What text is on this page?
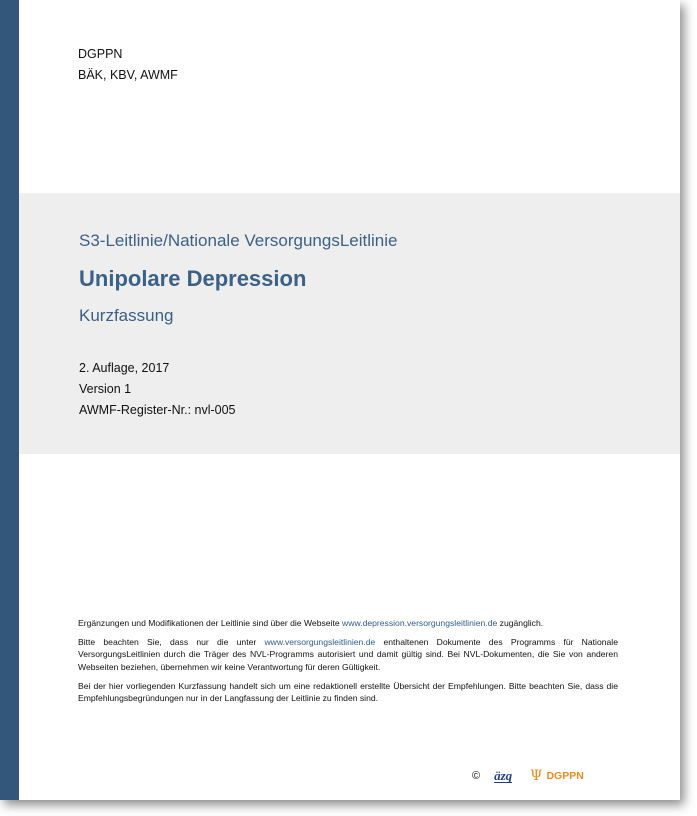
DGPPN
BÄK, KBV, AWMF
S3-Leitlinie/Nationale VersorgungsLeitlinie
Unipolare Depression
Kurzfassung
2. Auflage, 2017
Version 1
AWMF-Register-Nr.: nvl-005

Ergänzungen und Modifikationen der Leitlinie sind über die Webseite www.depression.versorgungsleitlinien.de zugänglich.

Bitte beachten Sie, dass nur die unter www.versorgungsleitlinien.de enthaltenen Dokumente des Programms für Nationale VersorgungsLeitlinien durch die Träger des NVL-Programms autorisiert und damit gültig sind. Bei NVL-Dokumenten, die Sie von anderen Webseiten beziehen, übernehmen wir keine Verantwortung für deren Gültigkeit.

Bei der hier vorliegenden Kurzfassung handelt sich um eine redaktionell erstellte Übersicht der Empfehlungen. Bitte beachten Sie, dass die Empfehlungsbegründungen nur in der Langfassung der Leitlinie zu finden sind.

© äzq Ψ DGPPN
